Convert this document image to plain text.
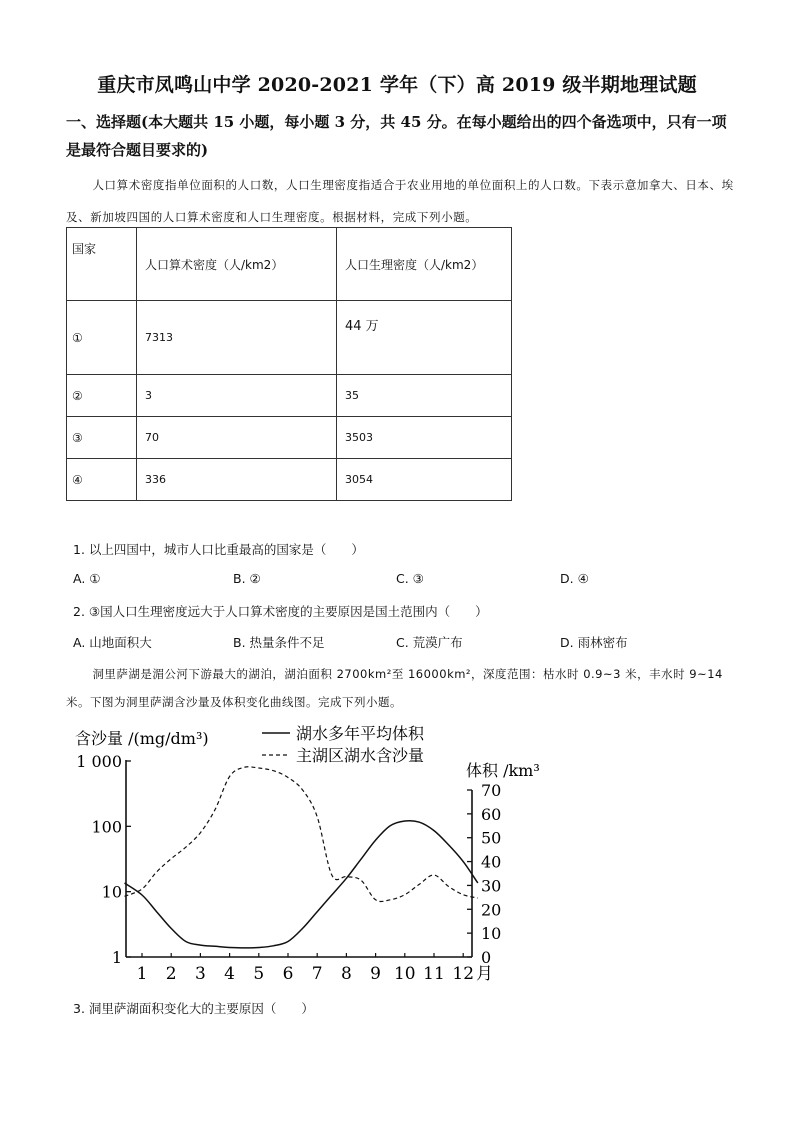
重庆市凤鸣山中学 2020-2021 学年（下）高 2019 级半期地理试题
一、选择题(本大题共 15 小题，每小题 3 分，共 45 分。在每小题给出的四个备选项中，只有一项是最符合题目要求的)
人口算术密度指单位面积的人口数，人口生理密度指适合于农业用地的单位面积上的人口数。下表示意加拿大、日本、埃及、新加坡四国的人口算术密度和人口生理密度。根据材料，完成下列小题。
国家	人口算术密度（人/km2）	人口生理密度（人/km2）
①	7313	44 万
②	3	35
③	70	3503
④	336	3054
1. 以上四国中，城市人口比重最高的国家是（　　）
A. ①	B. ②	C. ③	D. ④
2. ③国人口生理密度远大于人口算术密度的主要原因是国土范围内（　　）
A. 山地面积大	B. 热量条件不足	C. 荒漠广布	D. 雨林密布
洞里萨湖是湄公河下游最大的湖泊，湖泊面积 2700km²至 16000km²，深度范围：枯水时 0.9~3 米，丰水时 9~14 米。下图为洞里萨湖含沙量及体积变化曲线图。完成下列小题。
含沙量 /(mg/dm³)
体积 /km³
月
1 000
100
10
1
70
60
50
40
30
20
10
0
1 2 3 4 5 6 7 8 9 10 11 12
湖水多年平均体积
主湖区湖水含沙量
3. 洞里萨湖面积变化大的主要原因（　　）
